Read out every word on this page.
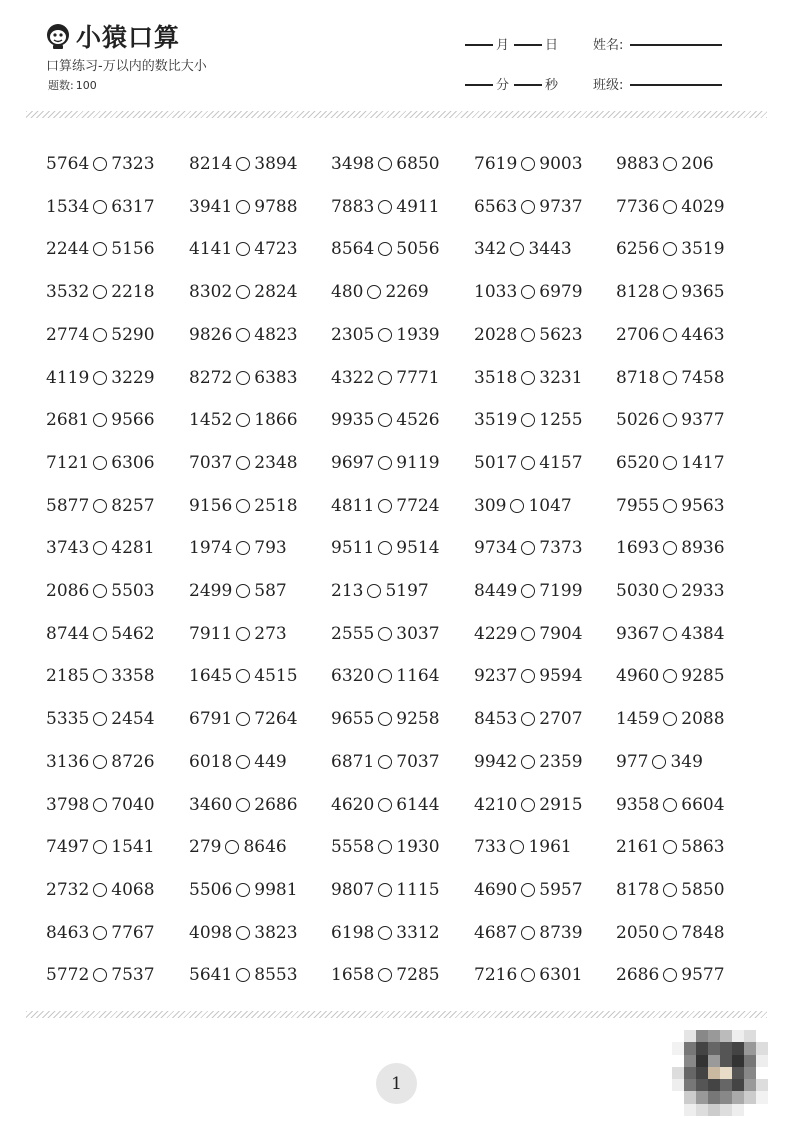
小猿口算
口算练习-万以内的数比大小
题数: 100
月	日	姓名:
分	秒	班级:
5764 7323 8214 3894 3498 6850 7619 9003 9883 206
1534 6317 3941 9788 7883 4911 6563 9737 7736 4029
2244 5156 4141 4723 8564 5056 342 3443	6256 3519
3532 2218 8302 2824 480 2269	1033 6979 8128 9365
2774 5290 9826 4823 2305 1939 2028 5623 2706 4463
4119 3229 8272 6383 4322 7771 3518 3231 8718 7458
2681 9566 1452 1866 9935 4526 3519 1255 5026 9377
7121 6306 7037 2348 9697 9119 5017 4157 6520 1417
5877 8257 9156 2518 4811 7724 309 1047	7955 9563
3743 4281 1974 793	9511 9514 9734 7373 1693 8936
2086 5503 2499 587	213 5197	8449 7199 5030 2933
8744 5462 7911 273	2555 3037 4229 7904 9367 4384
2185 3358 1645 4515 6320 1164 9237 9594 4960 9285
5335 2454 6791 7264 9655 9258 8453 2707 1459 2088
3136 8726 6018 449	6871 7037 9942 2359 977 349
3798 7040 3460 2686 4620 6144 4210 2915 9358 6604
7497 1541 279 8646	5558 1930 733 1961	2161 5863
2732 4068 5506 9981 9807 1115 4690 5957 8178 5850
8463 7767 4098 3823 6198 3312 4687 8739 2050 7848
5772 7537 5641 8553 1658 7285 7216 6301 2686 9577
1
